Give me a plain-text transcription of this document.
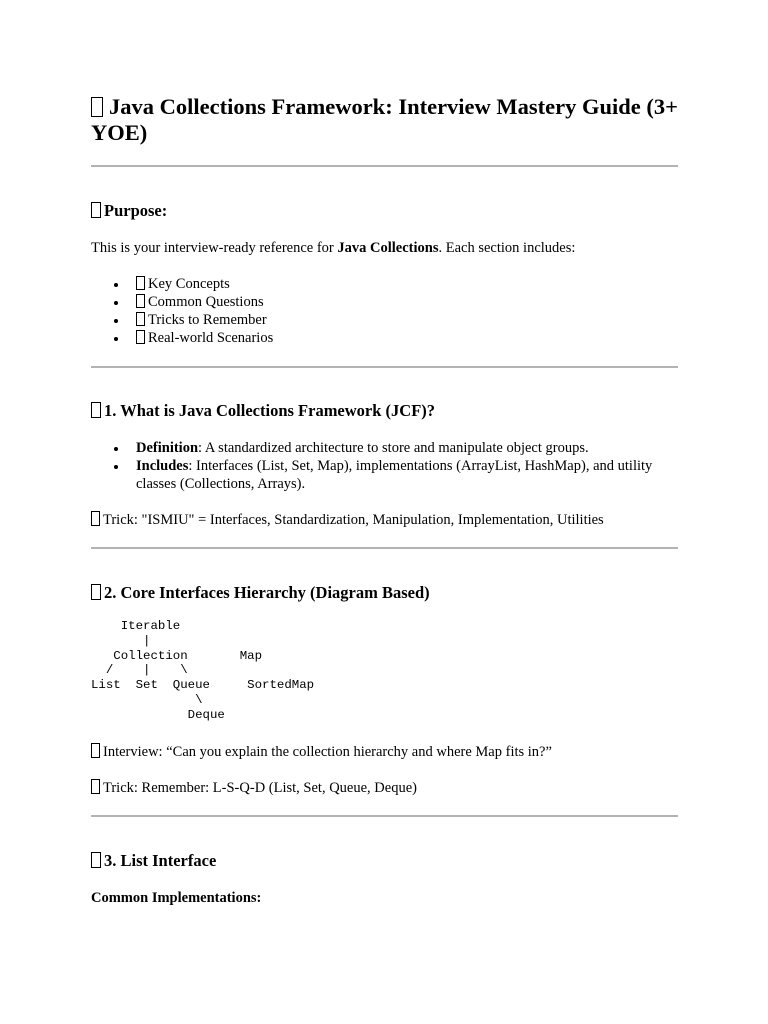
Java Collections Framework: Interview Mastery Guide (3+ YOE)
Purpose:

This is your interview-ready reference for Java Collections. Each section includes:

Key Concepts
Common Questions
Tricks to Remember
Real-world Scenarios
1. What is Java Collections Framework (JCF)?
Definition: A standardized architecture to store and manipulate object groups.
Includes: Interfaces (List, Set, Map), implementations (ArrayList, HashMap), and utility classes (Collections, Arrays).

Trick: "ISMIU" = Interfaces, Standardization, Manipulation, Implementation, Utilities

2. Core Interfaces Hierarchy (Diagram Based)
Iterable
|
Collection       Map
/    |    \
List  Set  Queue     SortedMap
\
Deque

Interview: “Can you explain the collection hierarchy and where Map fits in?”

Trick: Remember: L-S-Q-D (List, Set, Queue, Deque)

3. List Interface

Common Implementations:
